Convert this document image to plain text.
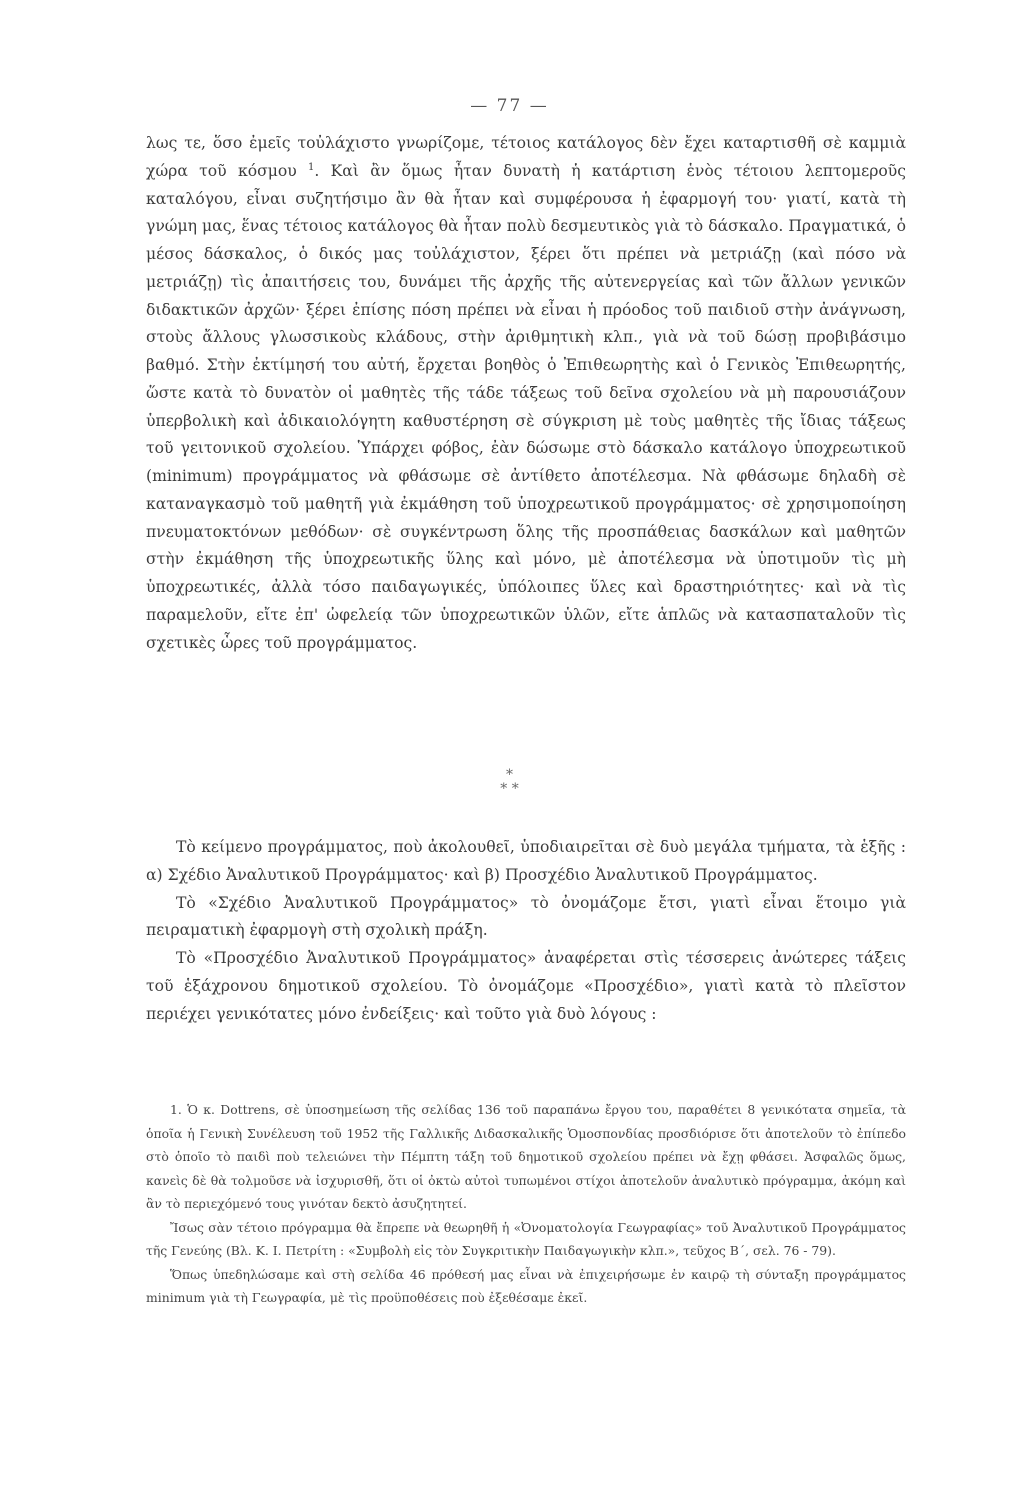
— 77 —

λως τε, ὅσο ἐμεῖς τοὐλάχιστο γνωρίζομε, τέτοιος κατάλογος δὲν ἔχει καταρτισθῆ σὲ καμμιὰ χώρα τοῦ κόσμου $^1$. Καὶ ἂν ὅμως ἦταν δυνατὴ ἡ κατάρτιση ἑνὸς τέτοιου λεπτομεροῦς καταλόγου, εἶναι συζητήσιμο ἂν θὰ ἦταν καὶ συμφέρουσα ἡ ἐφαρμογή του· γιατί, κατὰ τὴ γνώμη μας, ἕνας τέτοιος κατάλογος θὰ ἦταν πολὺ δεσμευτικὸς γιὰ τὸ δάσκαλο. Πραγματικά, ὁ μέσος δάσκαλος, ὁ δικός μας τοὐλάχιστον, ξέρει ὅτι πρέπει νὰ μετριάζῃ (καὶ πόσο νὰ μετριάζῃ) τὶς ἀπαιτήσεις του, δυνάμει τῆς ἀρχῆς τῆς αὐτενεργείας καὶ τῶν ἄλλων γενικῶν διδακτικῶν ἀρχῶν· ξέρει ἐπίσης πόση πρέπει νὰ εἶναι ἡ πρόοδος τοῦ παιδιοῦ στὴν ἀνάγνωση, στοὺς ἄλλους γλωσσικοὺς κλάδους, στὴν ἀριθμητικὴ κλπ., γιὰ νὰ τοῦ δώσῃ προβιβάσιμο βαθμό. Στὴν ἐκτίμησή του αὐτή, ἔρχεται βοηθὸς ὁ Ἐπιθεωρητὴς καὶ ὁ Γενικὸς Ἐπιθεωρητής, ὥστε κατὰ τὸ δυνατὸν οἱ μαθητὲς τῆς τάδε τάξεως τοῦ δεῖνα σχολείου νὰ μὴ παρουσιάζουν ὑπερβολικὴ καὶ ἀδικαιολόγητη καθυστέρηση σὲ σύγκριση μὲ τοὺς μαθητὲς τῆς ἴδιας τάξεως τοῦ γειτονικοῦ σχολείου. Ὑπάρχει φόβος, ἐὰν δώσωμε στὸ δάσκαλο κατάλογο ὑποχρεωτικοῦ (minimum) προγράμματος νὰ φθάσωμε σὲ ἀντίθετο ἀποτέλεσμα. Νὰ φθάσωμε δηλαδὴ σὲ καταναγκασμὸ τοῦ μαθητῆ γιὰ ἐκμάθηση τοῦ ὑποχρεωτικοῦ προγράμματος· σὲ χρησιμοποίηση πνευματοκτόνων μεθόδων· σὲ συγκέντρωση ὅλης τῆς προσπάθειας δασκάλων καὶ μαθητῶν στὴν ἐκμάθηση τῆς ὑποχρεωτικῆς ὕλης καὶ μόνο, μὲ ἀποτέλεσμα νὰ ὑποτιμοῦν τὶς μὴ ὑποχρεωτικές, ἀλλὰ τόσο παιδαγωγικές, ὑπόλοιπες ὕλες καὶ δραστηριότητες· καὶ νὰ τὶς παραμελοῦν, εἴτε ἐπ' ὠφελείᾳ τῶν ὑποχρεωτικῶν ὑλῶν, εἴτε ἁπλῶς νὰ κατασπαταλοῦν τὶς σχετικὲς ὧρες τοῦ προγράμματος.

*
* *

Τὸ κείμενο προγράμματος, ποὺ ἀκολουθεῖ, ὑποδιαιρεῖται σὲ δυὸ μεγάλα τμήματα, τὰ ἑξῆς : α) Σχέδιο Ἀναλυτικοῦ Προγράμματος· καὶ β) Προσχέδιο Ἀναλυτικοῦ Προγράμματος.

Τὸ «Σχέδιο Ἀναλυτικοῦ Προγράμματος» τὸ ὀνομάζομε ἔτσι, γιατὶ εἶναι ἕτοιμο γιὰ πειραματικὴ ἐφαρμογὴ στὴ σχολικὴ πράξη.

Τὸ «Προσχέδιο Ἀναλυτικοῦ Προγράμματος» ἀναφέρεται στὶς τέσσερεις ἀνώτερες τάξεις τοῦ ἑξάχρονου δημοτικοῦ σχολείου. Τὸ ὀνομάζομε «Προσχέδιο», γιατὶ κατὰ τὸ πλεῖστον περιέχει γενικότατες μόνο ἐνδείξεις· καὶ τοῦτο γιὰ δυὸ λόγους :

1. Ὁ κ. Dottrens, σὲ ὑποσημείωση τῆς σελίδας 136 τοῦ παραπάνω ἔργου του, παραθέτει 8 γενικότατα σημεῖα, τὰ ὁποῖα ἡ Γενικὴ Συνέλευση τοῦ 1952 τῆς Γαλλικῆς Διδασκαλικῆς Ὁμοσπονδίας προσδιόρισε ὅτι ἀποτελοῦν τὸ ἐπίπεδο στὸ ὁποῖο τὸ παιδὶ ποὺ τελειώνει τὴν Πέμπτη τάξη τοῦ δημοτικοῦ σχολείου πρέπει νὰ ἔχῃ φθάσει. Ἀσφαλῶς ὅμως, κανεὶς δὲ θὰ τολμοῦσε νὰ ἰσχυρισθῆ, ὅτι οἱ ὀκτὼ αὐτοὶ τυπωμένοι στίχοι ἀποτελοῦν ἀναλυτικὸ πρόγραμμα, ἀκόμη καὶ ἂν τὸ περιεχόμενό τους γινόταν δεκτὸ ἀσυζητητεί.

Ἴσως σὰν τέτοιο πρόγραμμα θὰ ἔπρεπε νὰ θεωρηθῆ ἡ «Ὀνοματολογία Γεωγραφίας» τοῦ Ἀναλυτικοῦ Προγράμματος τῆς Γενεύης (Βλ. Κ. Ι. Πετρίτη : «Συμβολὴ εἰς τὸν Συγκριτικὴν Παιδαγωγικὴν κλπ.», τεῦχος Β΄, σελ. 76 - 79).

Ὅπως ὑπεδηλώσαμε καὶ στὴ σελίδα 46 πρόθεσή μας εἶναι νὰ ἐπιχειρήσωμε ἐν καιρῷ τὴ σύνταξη προγράμματος minimum γιὰ τὴ Γεωγραφία, μὲ τὶς προϋποθέσεις ποὺ ἐξεθέσαμε ἐκεῖ.
